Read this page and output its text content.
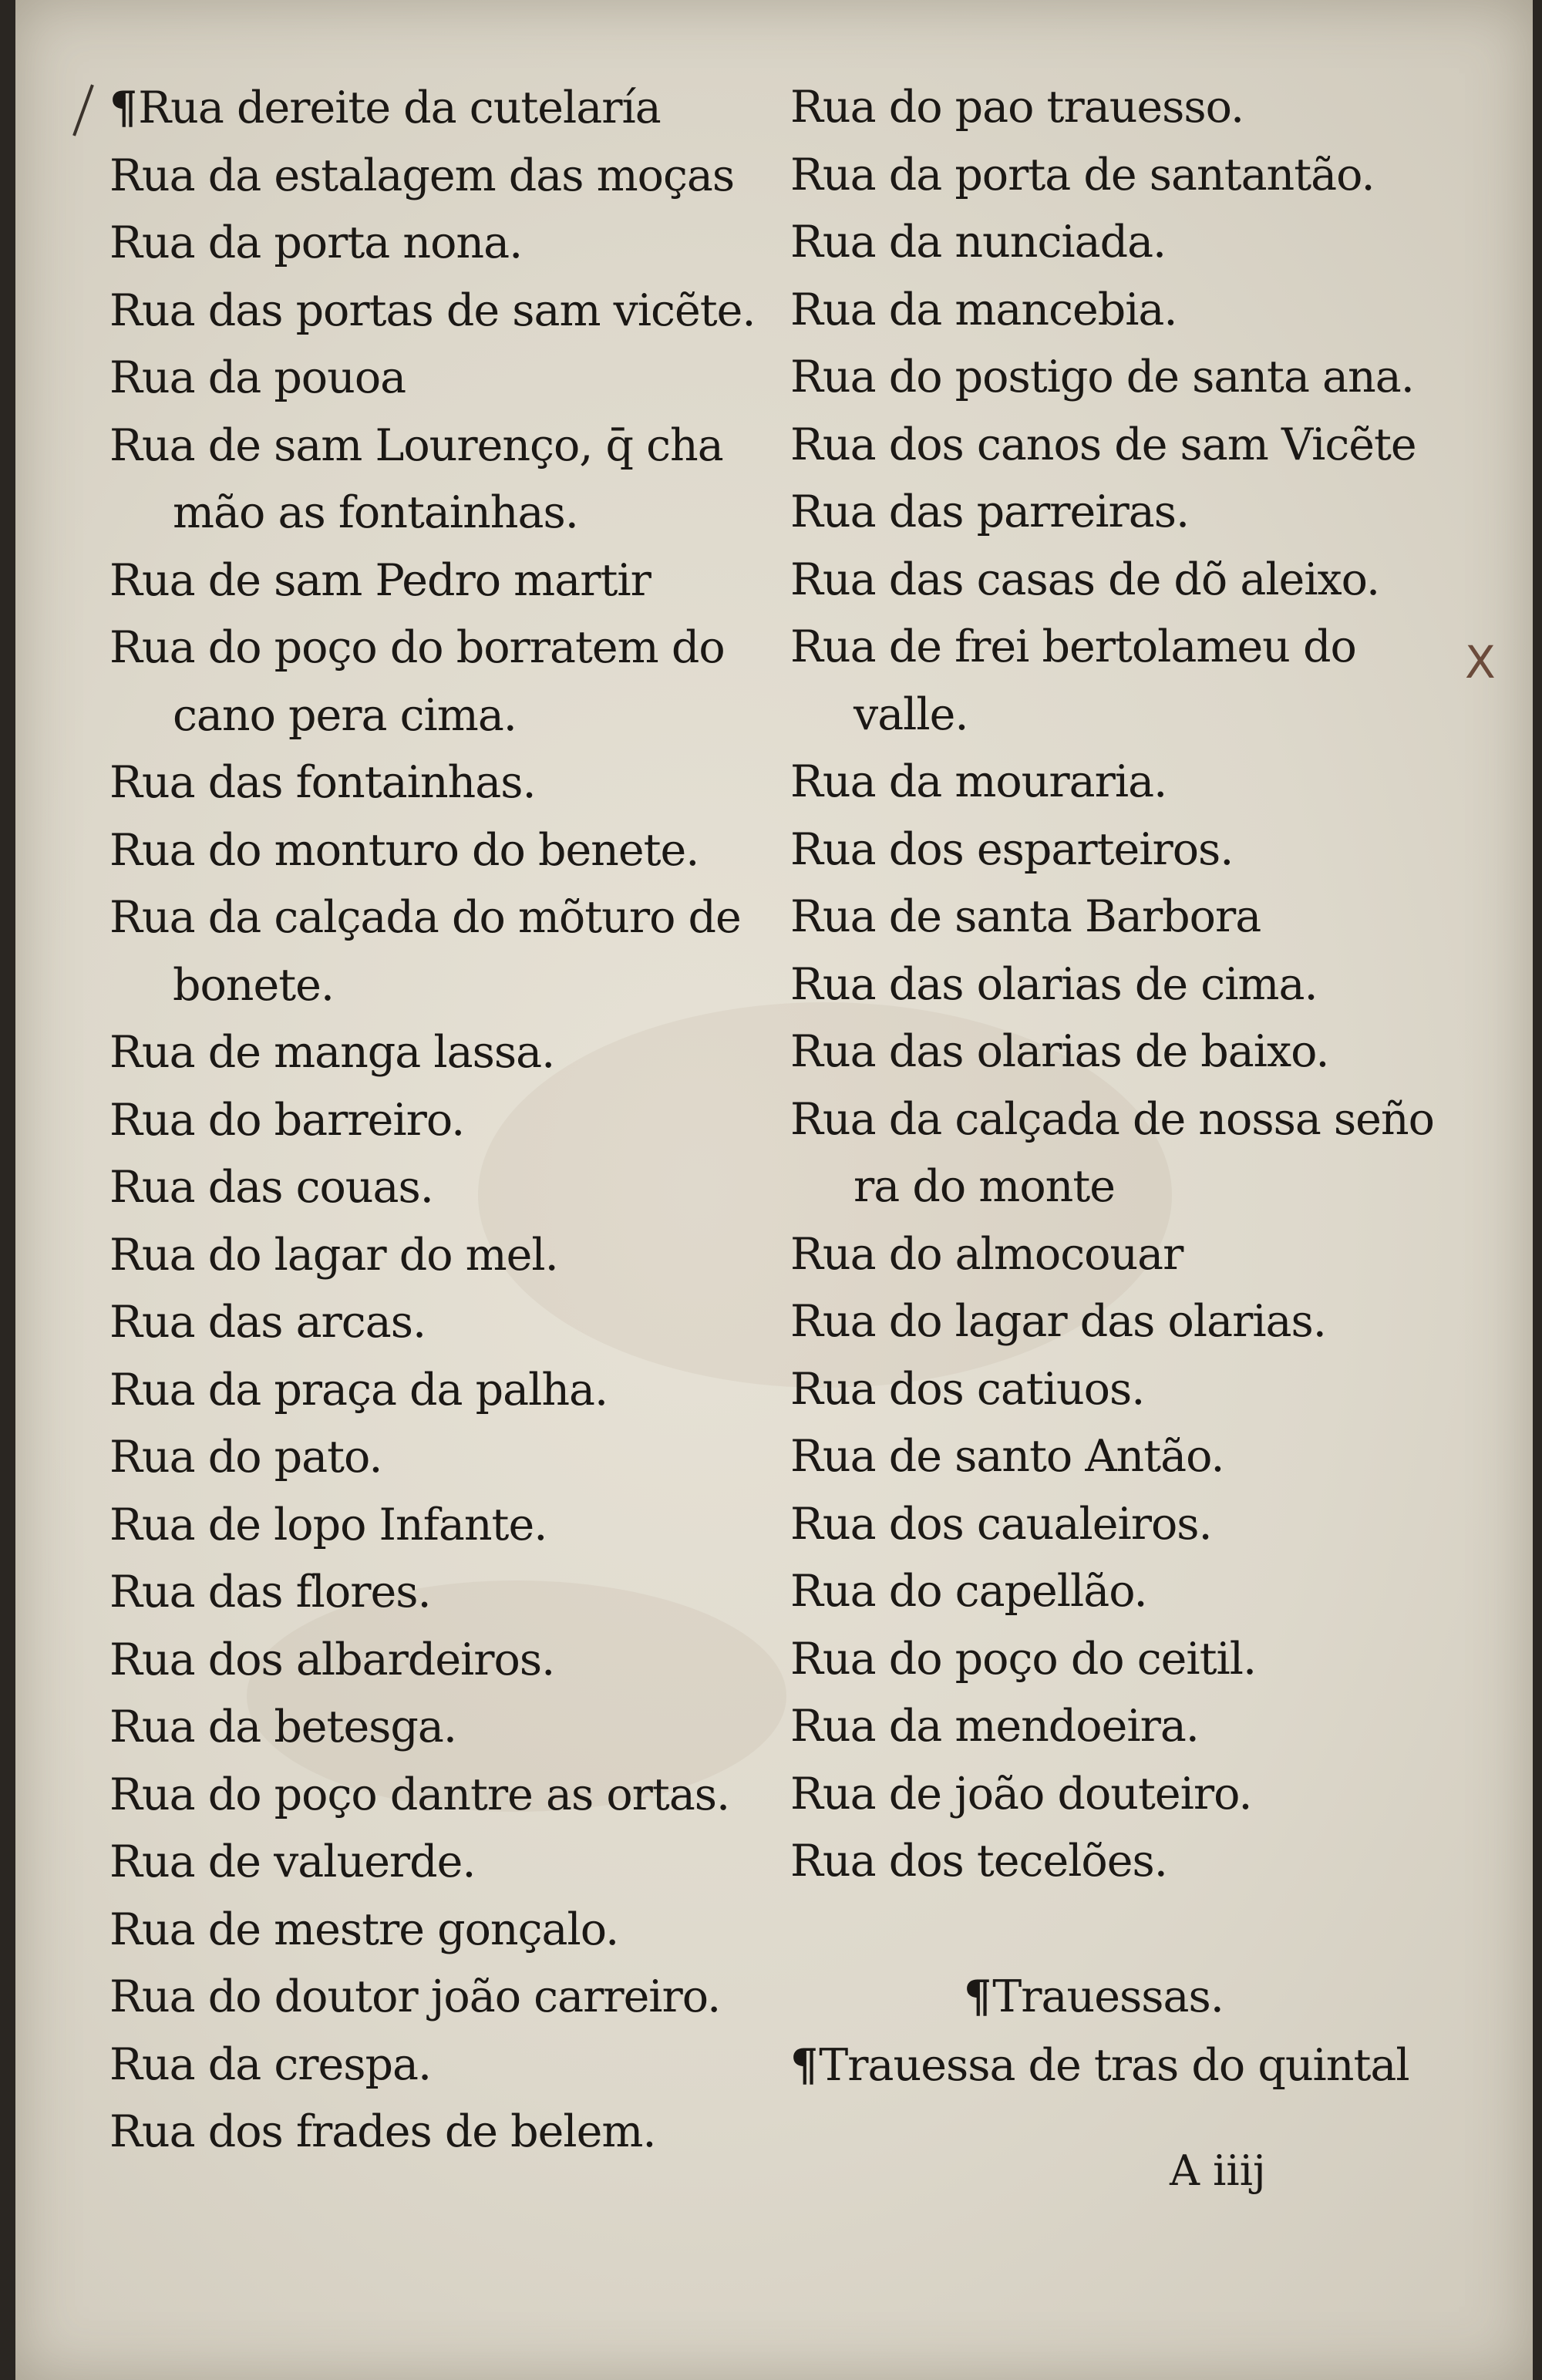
¶Rua dereite da cutelaría
Rua da estalagem das moças
Rua da porta nona.
Rua das portas de sam vicẽte.
Rua da pouoa
Rua de sam Lourenço, q̄ cha
mão as fontainhas.
Rua de sam Pedro martir
Rua do poço do borratem do
cano pera cima.
Rua das fontainhas.
Rua do monturo do benete.
Rua da calçada do mõturo de
bonete.
Rua de manga lassa.
Rua do barreiro.
Rua das couas.
Rua do lagar do mel.
Rua das arcas.
Rua da praça da palha.
Rua do pato.
Rua de lopo Infante.
Rua das flores.
Rua dos albardeiros.
Rua da betesga.
Rua do poço dantre as ortas.
Rua de valuerde.
Rua de mestre gonçalo.
Rua do doutor joão carreiro.
Rua da crespa.
Rua dos frades de belem.
Rua do pao trauesso.
Rua da porta de santantão.
Rua da nunciada.
Rua da mancebia.
Rua do postigo de santa ana.
Rua dos canos de sam Vicẽte
Rua das parreiras.
Rua das casas de dõ aleixo.
Rua de frei bertolameu do
valle.
Rua da mouraria.
Rua dos esparteiros.
Rua de santa Barbora
Rua das olarias de cima.
Rua das olarias de baixo.
Rua da calçada de nossa seño
ra do monte
Rua do almocouar
Rua do lagar das olarias.
Rua dos catiuos.
Rua de santo Antão.
Rua dos caualeiros.
Rua do capellão.
Rua do poço do ceitil.
Rua da mendoeira.
Rua de joão douteiro.
Rua dos tecelões.
¶Trauessas.
¶Trauessa de tras do quintal
A iiij
X
